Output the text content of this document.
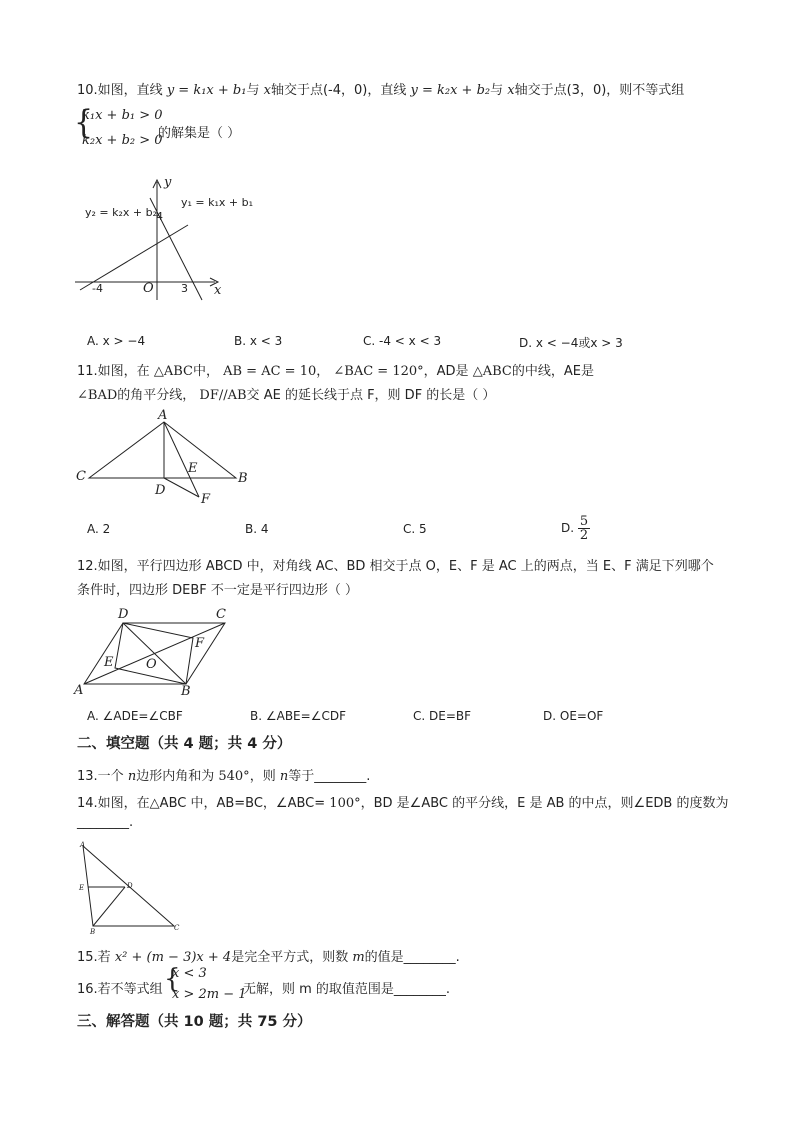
10.如图，直线 y = k₁x + b₁与 x轴交于点(-4，0)，直线 y = k₂x + b₂与 x轴交于点(3，0)，则不等式组
{
k₁x + b₁ > 0
k₂x + b₂ > 0
的解集是（ ）
y
x
O
-4	3
4
y₂ = k₂x + b₂
y₁ = k₁x + b₁
A. x > −4	B. x < 3	C. -4 < x < 3	D. x < −4或x > 3
11.如图，在 △ABC中， AB = AC = 10， ∠BAC = 120°，AD是 △ABC的中线，AE是
∠BAD的角平分线， DF//AB交 AE 的延长线于点 F，则 DF 的长是（ ）
A
C	B
D
E
F
A. 2	B. 4	C. 5	D. $\frac{5}{2}$
12.如图，平行四边形 ABCD 中，对角线 AC、BD 相交于点 O，E、F 是 AC 上的两点，当 E、F 满足下列哪个
条件时，四边形 DEBF 不一定是平行四边形（ ）
D	C
A	B
E
F
O
A. ∠ADE=∠CBF	B. ∠ABE=∠CDF	C. DE=BF	D. OE=OF
二、填空题（共 4 题；共 4 分）
13.一个 n边形内角和为 540°，则 n等于________.
14.如图，在△ABC 中，AB=BC，∠ABC= 100°，BD 是∠ABC 的平分线，E 是 AB 的中点，则∠EDB 的度数为
________.
A
E	D
B	C
15.若 x² + (m − 3)x + 4是完全平方式，则数 m的值是________.
16.若不等式组 {
x < 3
x > 2m − 1
无解，则 m 的取值范围是________.
三、解答题（共 10 题；共 75 分）
